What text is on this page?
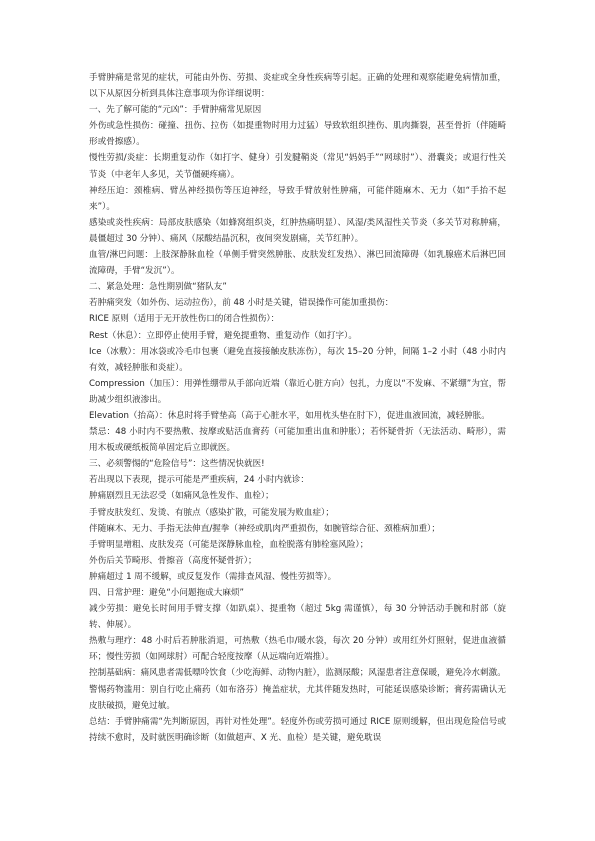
手臂肿痛是常见的症状，可能由外伤、劳损、炎症或全身性疾病等引起。正确的处理和观察能避免病情加重，以下从原因分析到具体注意事项为你详细说明：

一、先了解可能的“元凶”：手臂肿痛常见原因

外伤或急性损伤：碰撞、扭伤、拉伤（如提重物时用力过猛）导致软组织挫伤、肌肉撕裂，甚至骨折（伴随畸形或骨擦感）。

慢性劳损/炎症：长期重复动作（如打字、健身）引发腱鞘炎（常见“妈妈手”“网球肘”）、滑囊炎；或退行性关节炎（中老年人多见，关节僵硬疼痛）。

神经压迫：颈椎病、臂丛神经损伤等压迫神经，导致手臂放射性肿痛，可能伴随麻木、无力（如“手抬不起来”）。

感染或炎性疾病：局部皮肤感染（如蜂窝组织炎，红肿热痛明显）、风湿/类风湿性关节炎（多关节对称肿痛，晨僵超过 30 分钟）、痛风（尿酸结晶沉积，夜间突发剧痛，关节红肿）。

血管/淋巴问题：上肢深静脉血栓（单侧手臂突然肿胀、皮肤发红发热）、淋巴回流障碍（如乳腺癌术后淋巴回流障碍，手臂“发沉”）。

二、紧急处理：急性期别做“猪队友”

若肿痛突发（如外伤、运动拉伤），前 48 小时是关键，错误操作可能加重损伤：

RICE 原则（适用于无开放性伤口的闭合性损伤）：

Rest（休息）：立即停止使用手臂，避免提重物、重复动作（如打字）。

Ice（冰敷）：用冰袋或冷毛巾包裹（避免直接接触皮肤冻伤），每次 15–20 分钟，间隔 1–2 小时（48 小时内有效，减轻肿胀和炎症）。

Compression（加压）：用弹性绷带从手部向近端（靠近心脏方向）包扎，力度以“不发麻、不紧绷”为宜，帮助减少组织液渗出。

Elevation（抬高）：休息时将手臂垫高（高于心脏水平，如用枕头垫在肘下），促进血液回流，减轻肿胀。

禁忌：48 小时内不要热敷、按摩或贴活血膏药（可能加重出血和肿胀）；若怀疑骨折（无法活动、畸形），需用木板或硬纸板简单固定后立即就医。

三、必须警惕的“危险信号”：这些情况快就医!

若出现以下表现，提示可能是严重疾病，24 小时内就诊：

肿痛剧烈且无法忍受（如痛风急性发作、血栓）；

手臂皮肤发红、发烫、有脓点（感染扩散，可能发展为败血症）；

伴随麻木、无力、手指无法伸直/握拳（神经或肌肉严重损伤，如腕管综合征、颈椎病加重）；

手臂明显增粗、皮肤发亮（可能是深静脉血栓，血栓脱落有肺栓塞风险）；

外伤后关节畸形、骨擦音（高度怀疑骨折）；

肿痛超过 1 周不缓解，或反复发作（需排查风湿、慢性劳损等）。

四、日常护理：避免“小问题拖成大麻烦”

减少劳损：避免长时间用手臂支撑（如趴桌）、提重物（超过 5kg 需谨慎），每 30 分钟活动手腕和肘部（旋转、伸展）。

热敷与理疗：48 小时后若肿胀消退，可热敷（热毛巾/暖水袋，每次 20 分钟）或用红外灯照射，促进血液循环；慢性劳损（如网球肘）可配合轻度按摩（从远端向近端推）。

控制基础病：痛风患者需低嘌呤饮食（少吃海鲜、动物内脏），监测尿酸；风湿患者注意保暖，避免冷水刺激。

警惕药物滥用：别自行吃止痛药（如布洛芬）掩盖症状，尤其伴随发热时，可能延误感染诊断；膏药需确认无皮肤破损，避免过敏。

总结：手臂肿痛需“先判断原因，再针对性处理”。轻度外伤或劳损可通过 RICE 原则缓解，但出现危险信号或持续不愈时，及时就医明确诊断（如做超声、X 光、血检）是关键，避免耽误
